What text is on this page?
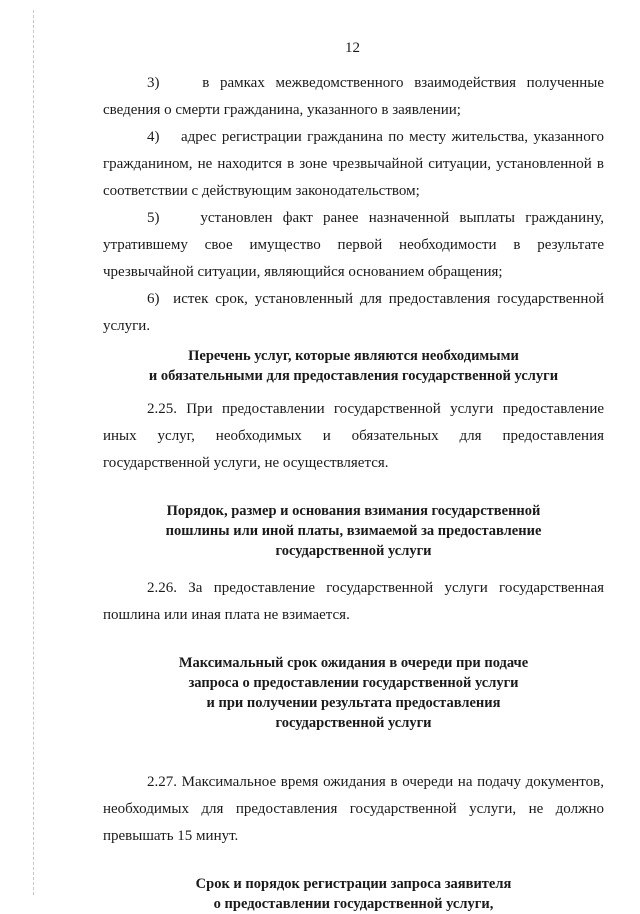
12

3)    в рамках межведомственного взаимодействия полученные сведения о смерти гражданина, указанного в заявлении;

4)    адрес регистрации гражданина по месту жительства, указанного гражданином, не находится в зоне чрезвычайной ситуации, установленной в соответствии с действующим законодательством;

5)    установлен факт ранее назначенной выплаты гражданину, утратившему свое имущество первой необходимости в результате чрезвычайной ситуации, являющийся основанием обращения;

6)  истек срок, установленный для предоставления государственной услуги.

Перечень услуг, которые являются необходимыми
и обязательными для предоставления государственной услуги

2.25. При предоставлении государственной услуги предоставление иных услуг, необходимых и обязательных для предоставления государственной услуги, не осуществляется.

Порядок, размер и основания взимания государственной
пошлины или иной платы, взимаемой за предоставление
государственной услуги

2.26. За предоставление государственной услуги государственная пошлина или иная плата не взимается.

Максимальный срок ожидания в очереди при подаче
запроса о предоставлении государственной услуги
и при получении результата предоставления
государственной услуги

2.27. Максимальное время ожидания в очереди на подачу документов, необходимых для предоставления государственной услуги, не должно превышать 15 минут.

Срок и порядок регистрации запроса заявителя
о предоставлении государственной услуги,
